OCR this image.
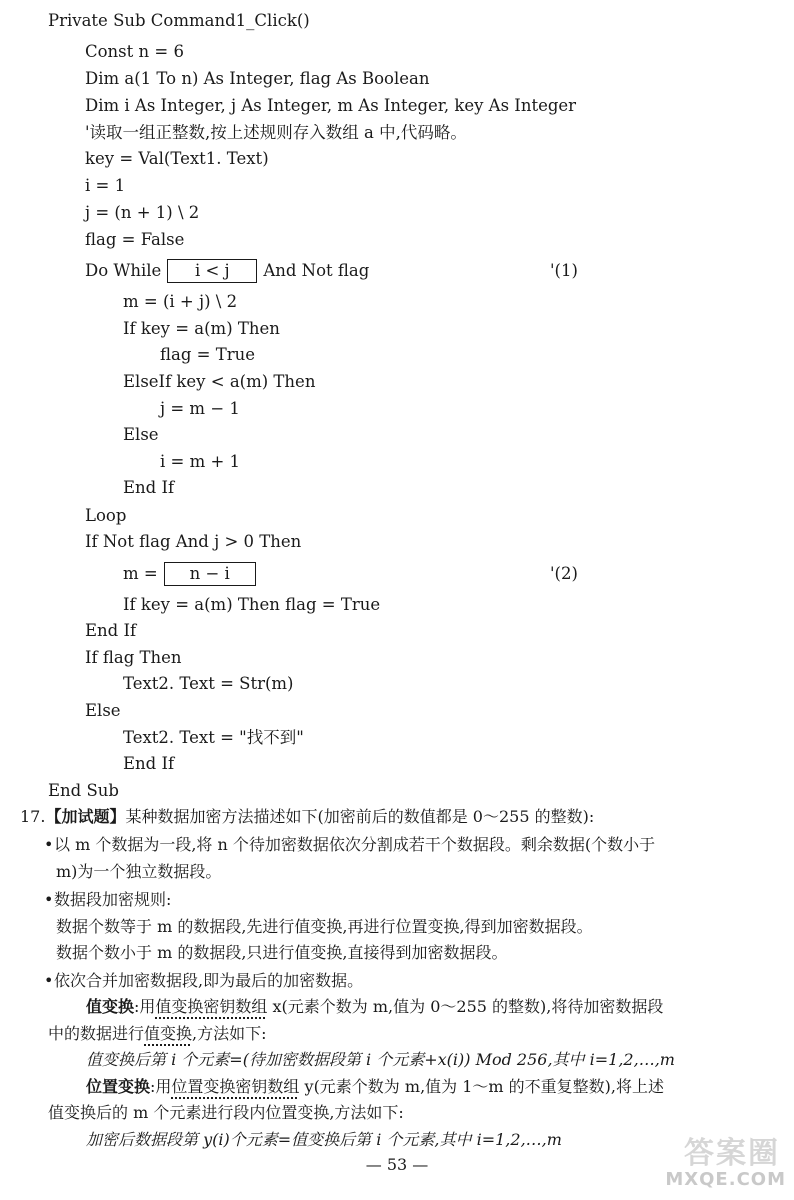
Private Sub Command1_Click()
Const n = 6
Dim a(1 To n) As Integer, flag As Boolean
Dim i As Integer, j As Integer, m As Integer, key As Integer
'读取一组正整数,按上述规则存入数组 a 中,代码略。
key = Val(Text1. Text)
i = 1
j = (n + 1) \ 2
flag = False
Do While i < j And Not flag	'(1)
m = (i + j) \ 2
If key = a(m) Then
flag = True
ElseIf key < a(m) Then
j = m − 1
Else
i = m + 1
End If
Loop
If Not flag And j > 0 Then
m = n − i	'(2)
If key = a(m) Then flag = True
End If
If flag Then
Text2. Text = Str(m)
Else
Text2. Text = "找不到"
End If
End Sub
17.【加试题】某种数据加密方法描述如下(加密前后的数值都是 0～255 的整数):
•以 m 个数据为一段,将 n 个待加密数据依次分割成若干个数据段。剩余数据(个数小于
m)为一个独立数据段。
•数据段加密规则:
数据个数等于 m 的数据段,先进行值变换,再进行位置变换,得到加密数据段。
数据个数小于 m 的数据段,只进行值变换,直接得到加密数据段。
•依次合并加密数据段,即为最后的加密数据。
值变换:用值变换密钥数组 x(元素个数为 m,值为 0～255 的整数),将待加密数据段
中的数据进行值变换,方法如下:
值变换后第 i 个元素=(待加密数据段第 i 个元素+x(i)) Mod 256,其中 i=1,2,…,m
位置变换:用位置变换密钥数组 y(元素个数为 m,值为 1～m 的不重复整数),将上述
值变换后的 m 个元素进行段内位置变换,方法如下:
加密后数据段第 y(i)个元素=值变换后第 i 个元素,其中 i=1,2,…,m
— 53 —	答案圈
MXQE.COM
